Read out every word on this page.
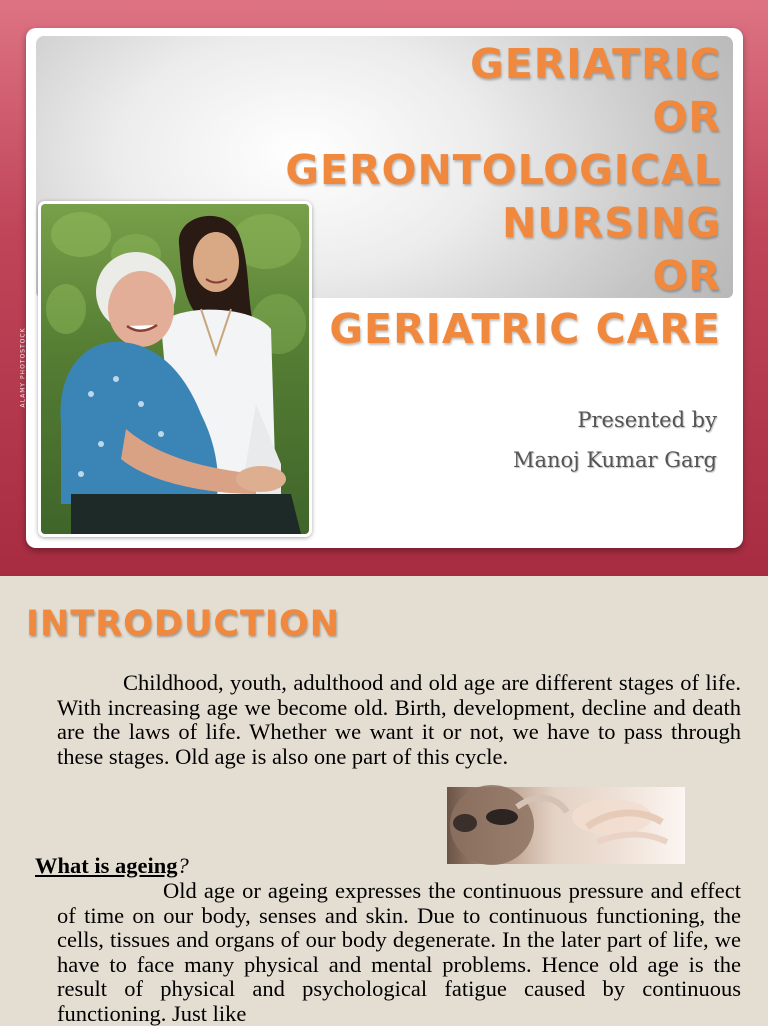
GERIATRIC
OR
GERONTOLOGICAL
NURSING
OR
GERIATRIC CARE
ALAMY PHOTOSTOCK
Presented by
Manoj Kumar Garg
INTRODUCTION

Childhood, youth, adulthood and old age are different stages of life. With increasing age we become old. Birth, development, decline and death are the laws of life. Whether we want it or not, we have to pass through these stages. Old age is also one part of this cycle.

What is ageing?

Old age or ageing expresses the continuous pressure and effect of time on our body, senses and skin. Due to continuous functioning, the cells, tissues and organs of our body degenerate. In the later part of life, we have to face many physical and mental problems. Hence old age is the result of physical and psychological fatigue caused by continuous functioning. Just like
